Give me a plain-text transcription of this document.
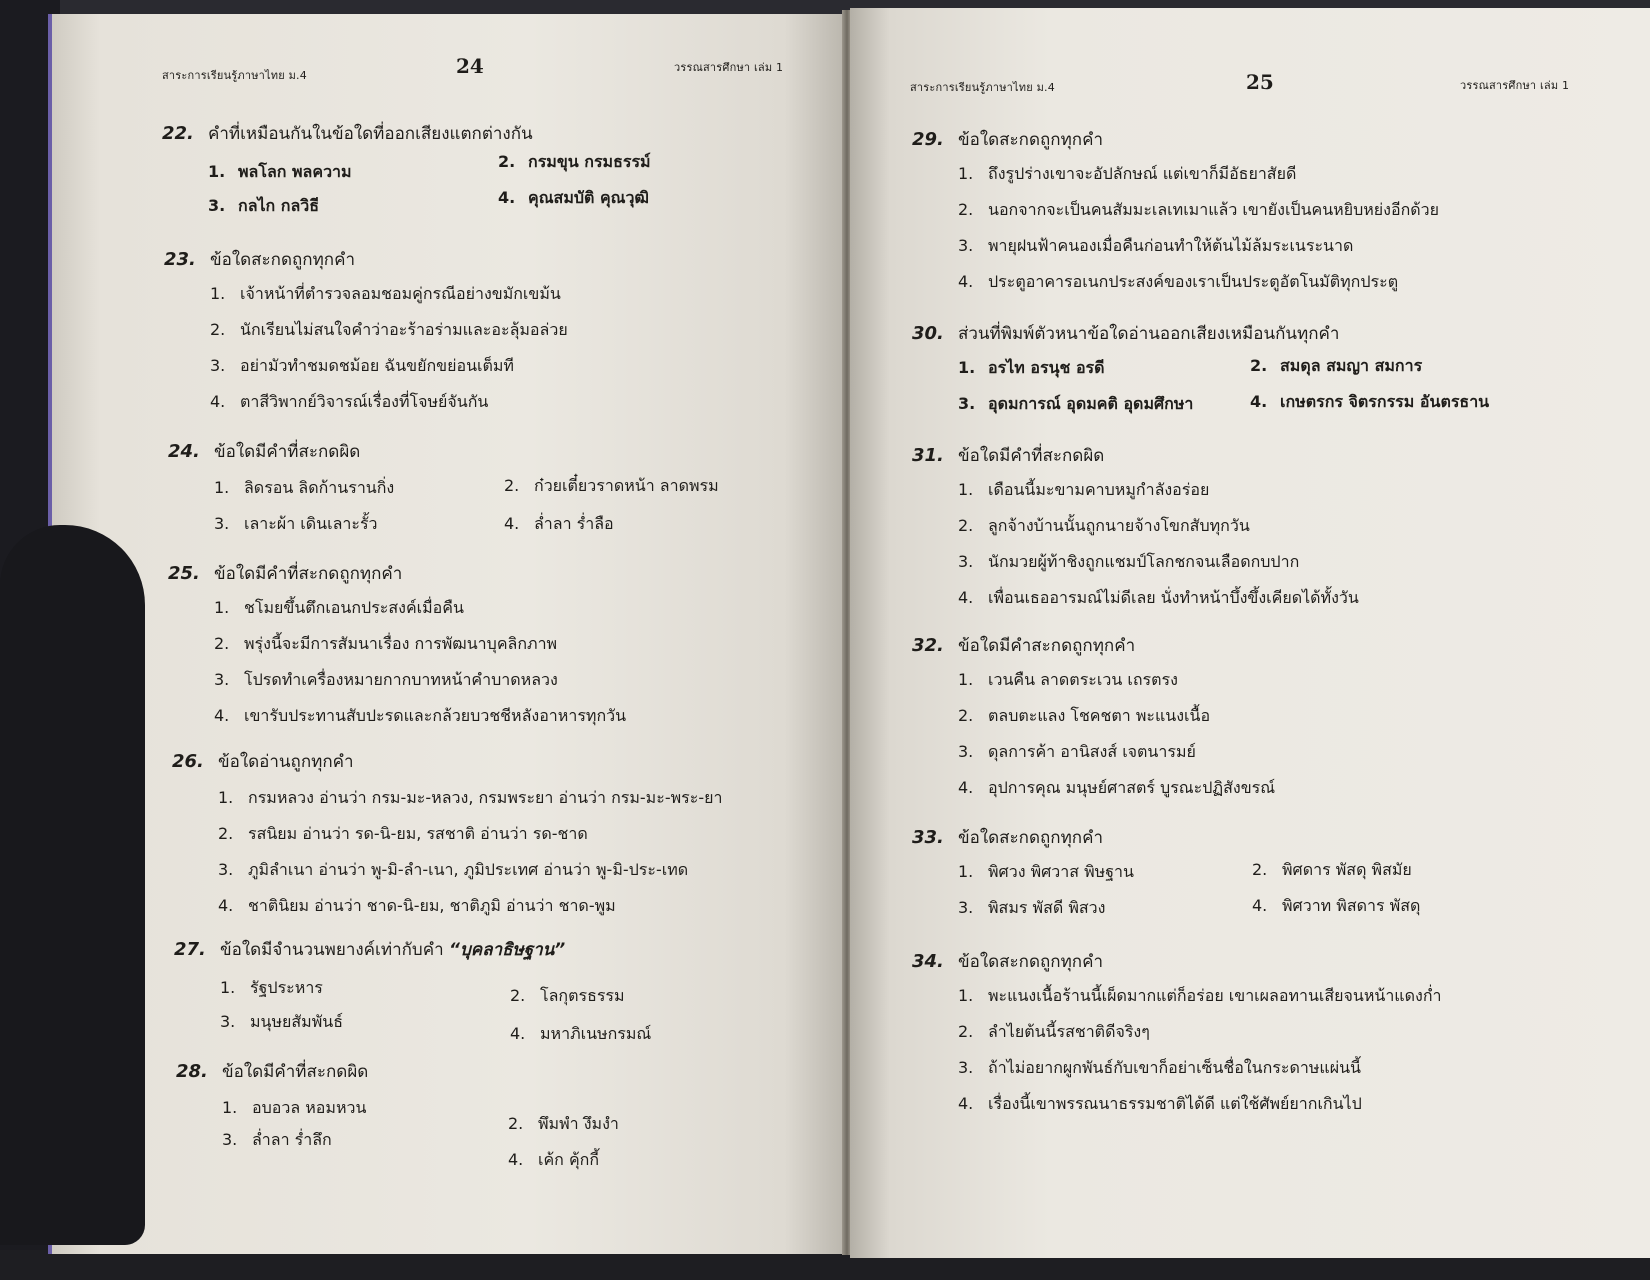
สาระการเรียนรู้ภาษาไทย ม.4	24	วรรณสารศึกษา เล่ม 1
22. คำที่เหมือนกันในข้อใดที่ออกเสียงแตกต่างกัน
1. พลโลก พลความ
2. กรมขุน กรมธรรม์
3. กลไก กลวิธี	4. คุณสมบัติ คุณวุฒิ
23. ข้อใดสะกดถูกทุกคำ
1. เจ้าหน้าที่ตำรวจลอมชอมคู่กรณีอย่างขมักเขม้น
2. นักเรียนไม่สนใจคำว่าอะร้าอร่ามและอะลุ้มอล่วย
3. อย่ามัวทำชมดชม้อย ฉันขยักขย่อนเต็มที
4. ตาสีวิพากย์วิจารณ์เรื่องที่โจษย์จันกัน
24. ข้อใดมีคำที่สะกดผิด
1. ลิดรอน ลิดก้านรานกิ่ง	2. ก๋วยเตี๋ยวราดหน้า ลาดพรม
3. เลาะผ้า เดินเลาะรั้ว	4. ล่ำลา ร่ำลือ
25. ข้อใดมีคำที่สะกดถูกทุกคำ
1. ชโมยขึ้นตึกเอนกประสงค์เมื่อคืน
2. พรุ่งนี้จะมีการสัมนาเรื่อง การพัฒนาบุคลิกภาพ
3. โปรดทำเครื่องหมายกากบาทหน้าคำบาดหลวง
4. เขารับประทานสับปะรดและกล้วยบวชชีหลังอาหารทุกวัน
26. ข้อใดอ่านถูกทุกคำ
1. กรมหลวง อ่านว่า กรม-มะ-หลวง, กรมพระยา อ่านว่า กรม-มะ-พระ-ยา
2. รสนิยม อ่านว่า รด-นิ-ยม, รสชาติ อ่านว่า รด-ชาด
3. ภูมิลำเนา อ่านว่า พู-มิ-ลำ-เนา, ภูมิประเทศ อ่านว่า พู-มิ-ประ-เทด
4. ชาตินิยม อ่านว่า ชาด-นิ-ยม, ชาติภูมิ อ่านว่า ชาด-พูม
27. ข้อใดมีจำนวนพยางค์เท่ากับคำ
“บุคลาธิษฐาน”
1. รัฐประหาร	2. โลกุตรธรรม
3. มนุษยสัมพันธ์
4. มหาภิเนษกรมณ์
28. ข้อใดมีคำที่สะกดผิด
1. อบอวล หอมหวน
2. พึมพำ งึมงำ
3. ล่ำลา ร่ำลึก
4. เค้ก คุ้กกี้
สาระการเรียนรู้ภาษาไทย ม.4	25	วรรณสารศึกษา เล่ม 1
29. ข้อใดสะกดถูกทุกคำ
1. ถึงรูปร่างเขาจะอัปลักษณ์ แต่เขาก็มีอัธยาสัยดี
2. นอกจากจะเป็นคนสัมมะเลเทเมาแล้ว เขายังเป็นคนหยิบหย่งอีกด้วย
3. พายุฝนฟ้าคนองเมื่อคืนก่อนทำให้ต้นไม้ล้มระเนระนาด
4. ประตูอาคารอเนกประสงค์ของเราเป็นประตูอัตโนมัติทุกประตู
30. ส่วนที่พิมพ์ตัวหนาข้อใดอ่านออกเสียงเหมือนกันทุกคำ
1. อรไท อรนุช อรดี	2. สมดุล สมญา สมการ
3. อุดมการณ์ อุดมคติ อุดมศึกษา	4. เกษตรกร จิตรกรรม อันตรธาน
31. ข้อใดมีคำที่สะกดผิด
1. เดือนนี้มะขามคาบหมูกำลังอร่อย
2. ลูกจ้างบ้านนั้นถูกนายจ้างโขกสับทุกวัน
3. นักมวยผู้ท้าชิงถูกแชมป์โลกชกจนเลือดกบปาก
4. เพื่อนเธออารมณ์ไม่ดีเลย นั่งทำหน้าบึ้งขึ้งเคียดได้ทั้งวัน
32. ข้อใดมีคำสะกดถูกทุกคำ
1. เวนคืน ลาดตระเวน เถรตรง
2. ตลบตะแลง โชคชตา พะแนงเนื้อ
3. ดุลการค้า อานิสงส์ เจตนารมย์
4. อุปการคุณ มนุษย์ศาสตร์ บูรณะปฏิสังขรณ์
33. ข้อใดสะกดถูกทุกคำ
1. พิศวง พิศวาส พิษฐาน	2. พิศดาร พัสดุ พิสมัย
3. พิสมร พัสดี พิสวง	4. พิศวาท พิสดาร พัสดุ
34. ข้อใดสะกดถูกทุกคำ
1. พะแนงเนื้อร้านนี้เผ็ดมากแต่ก็อร่อย เขาเผลอทานเสียจนหน้าแดงก่ำ
2. ลำไยต้นนี้รสชาติดีจริงๆ
3. ถ้าไม่อยากผูกพันธ์กับเขาก็อย่าเซ็นชื่อในกระดาษแผ่นนี้
4. เรื่องนี้เขาพรรณนาธรรมชาติได้ดี แต่ใช้ศัพย์ยากเกินไป
